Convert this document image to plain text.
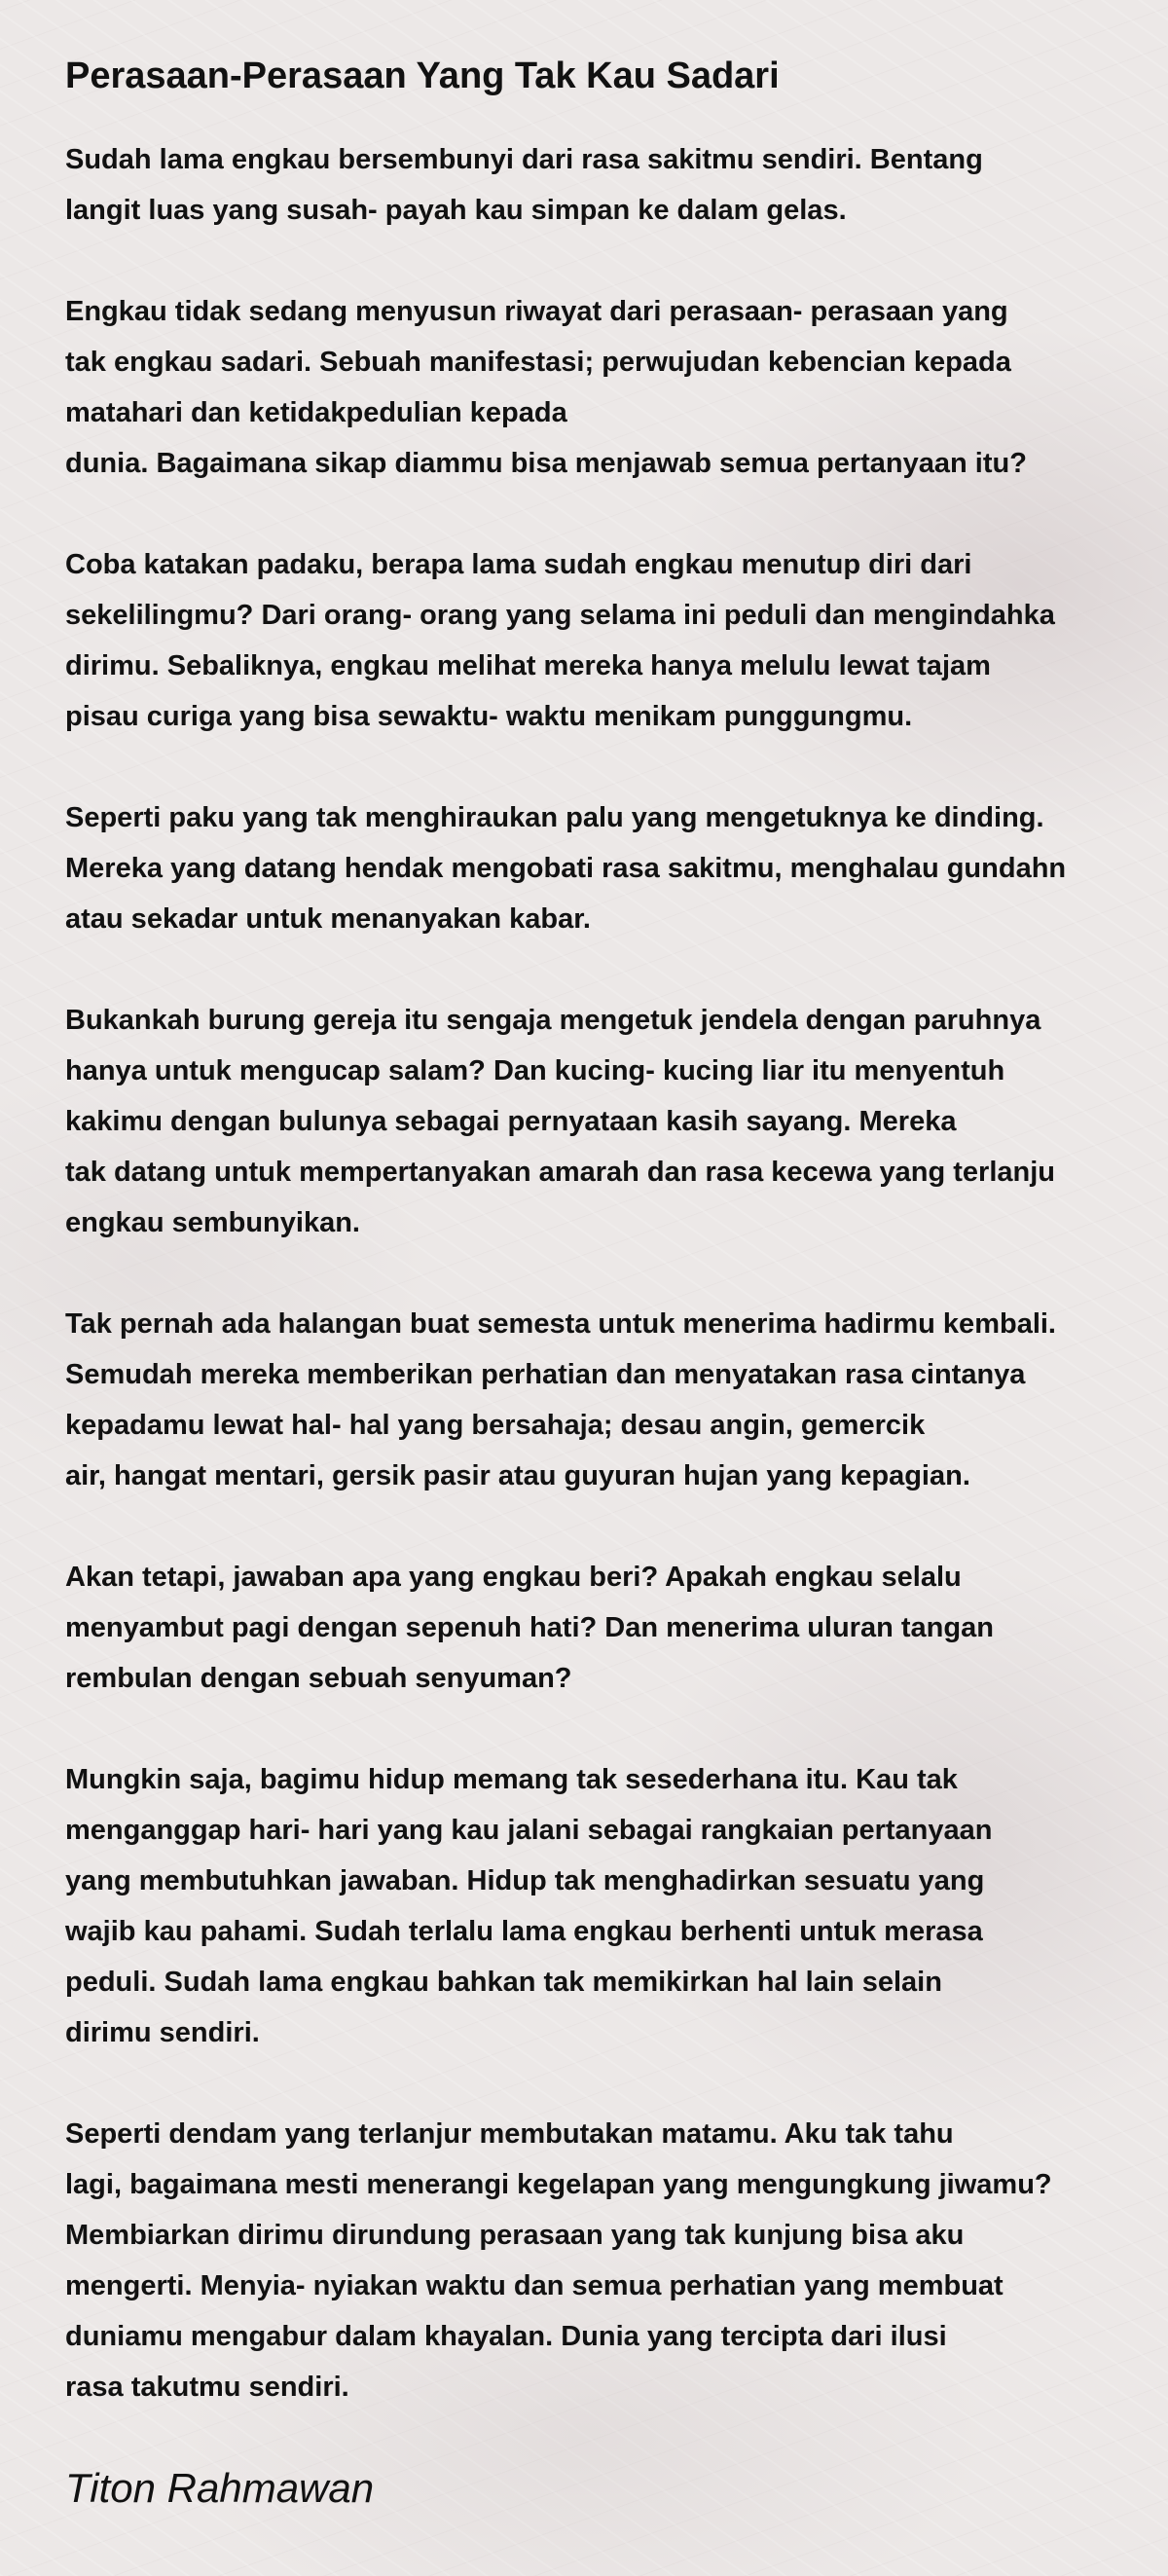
Perasaan-Perasaan Yang Tak Kau Sadari
Sudah lama engkau bersembunyi dari rasa sakitmu sendiri. Bentang
langit luas yang susah- payah kau simpan ke dalam gelas.
Engkau tidak sedang menyusun riwayat dari perasaan- perasaan yang
tak engkau sadari. Sebuah manifestasi; perwujudan kebencian kepada
matahari dan ketidakpedulian kepada
dunia. Bagaimana sikap diammu bisa menjawab semua pertanyaan itu?
Coba katakan padaku, berapa lama sudah engkau menutup diri dari
sekelilingmu? Dari orang- orang yang selama ini peduli dan mengindahka
dirimu. Sebaliknya, engkau melihat mereka hanya melulu lewat tajam
pisau curiga yang bisa sewaktu- waktu menikam punggungmu.
Seperti paku yang tak menghiraukan palu yang mengetuknya ke dinding.
Mereka yang datang hendak mengobati rasa sakitmu, menghalau gundahn
atau sekadar untuk menanyakan kabar.
Bukankah burung gereja itu sengaja mengetuk jendela dengan paruhnya
hanya untuk mengucap salam? Dan kucing- kucing liar itu menyentuh
kakimu dengan bulunya sebagai pernyataan kasih sayang. Mereka
tak datang untuk mempertanyakan amarah dan rasa kecewa yang terlanju
engkau sembunyikan.
Tak pernah ada halangan buat semesta untuk menerima hadirmu kembali.
Semudah mereka memberikan perhatian dan menyatakan rasa cintanya
kepadamu lewat hal- hal yang bersahaja; desau angin, gemercik
air, hangat mentari, gersik pasir atau guyuran hujan yang kepagian.
Akan tetapi, jawaban apa yang engkau beri? Apakah engkau selalu
menyambut pagi dengan sepenuh hati? Dan menerima uluran tangan
rembulan dengan sebuah senyuman?
Mungkin saja, bagimu hidup memang tak sesederhana itu. Kau tak
menganggap hari- hari yang kau jalani sebagai rangkaian pertanyaan
yang membutuhkan jawaban. Hidup tak menghadirkan sesuatu yang
wajib kau pahami. Sudah terlalu lama engkau berhenti untuk merasa
peduli. Sudah lama engkau bahkan tak memikirkan hal lain selain
dirimu sendiri.
Seperti dendam yang terlanjur membutakan matamu. Aku tak tahu
lagi, bagaimana mesti menerangi kegelapan yang mengungkung jiwamu?
Membiarkan dirimu dirundung perasaan yang tak kunjung bisa aku
mengerti. Menyia- nyiakan waktu dan semua perhatian yang membuat
duniamu mengabur dalam khayalan. Dunia yang tercipta dari ilusi
rasa takutmu sendiri.
Titon Rahmawan
